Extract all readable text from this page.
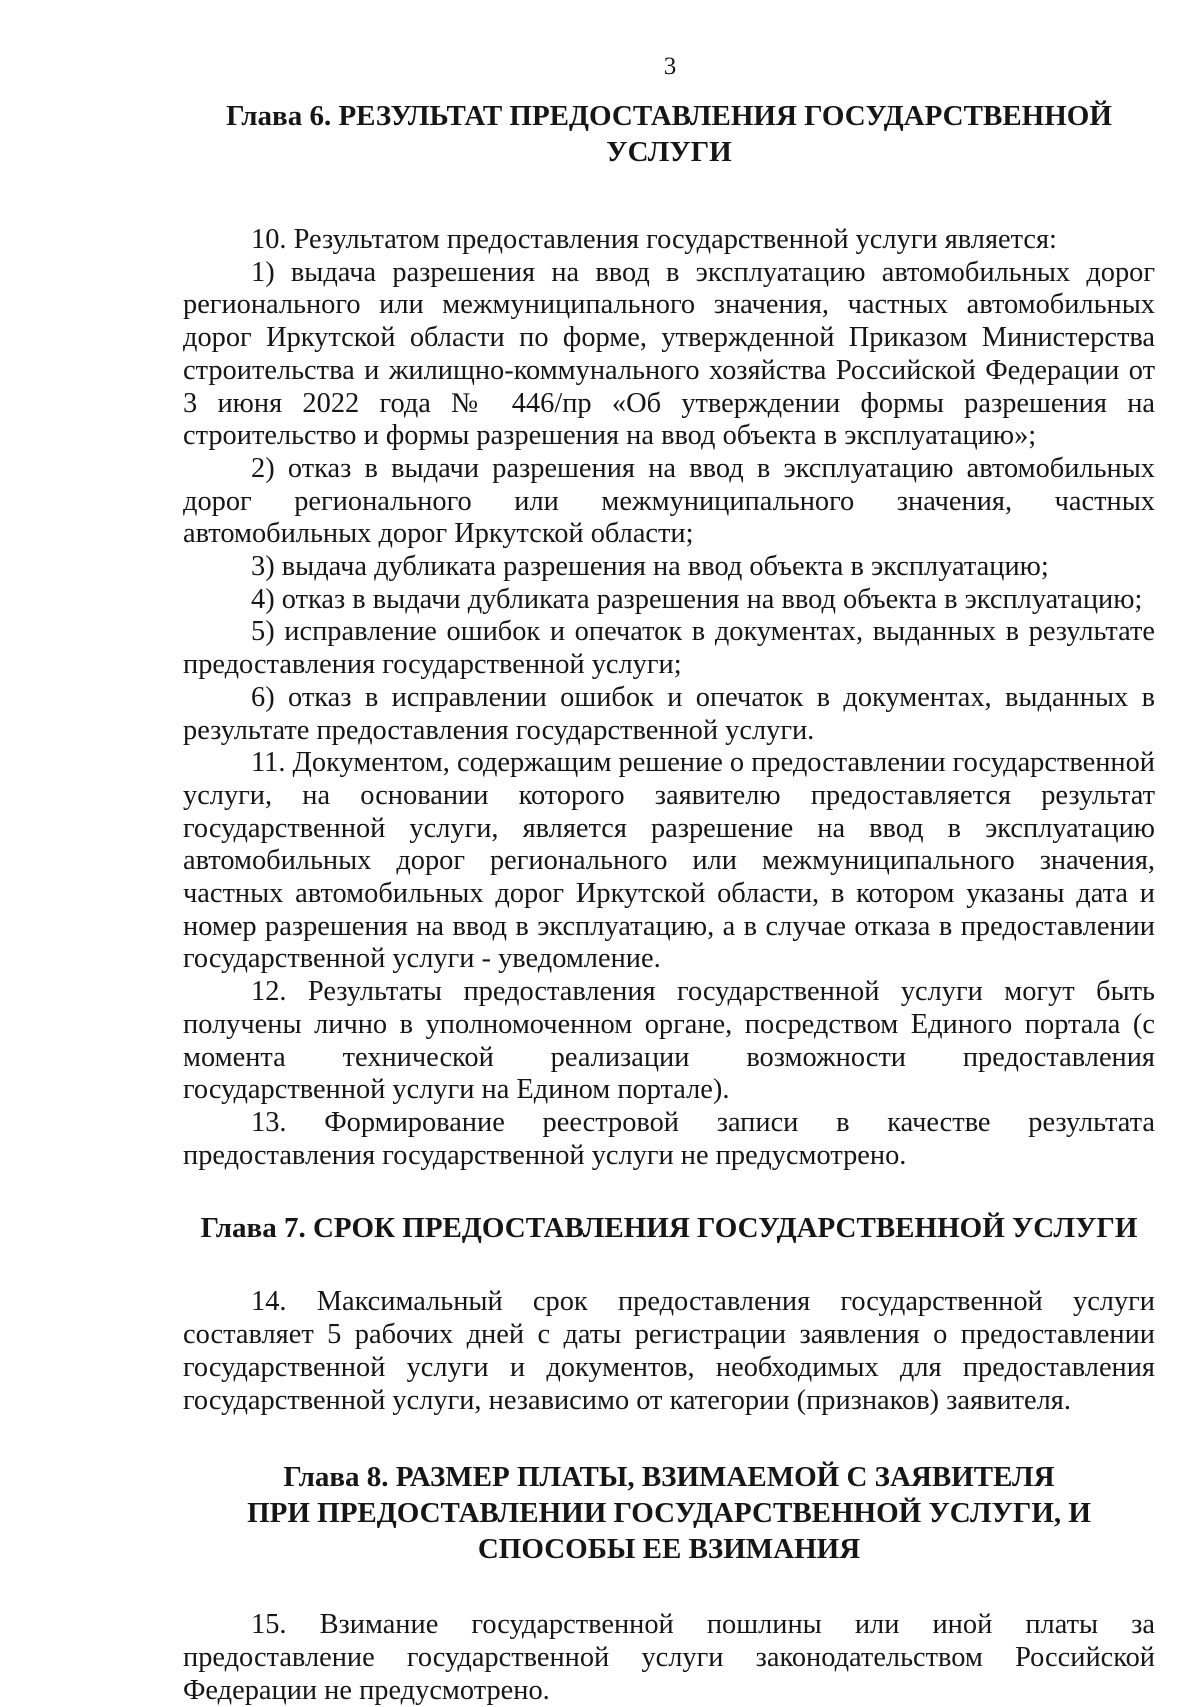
3
Глава 6. РЕЗУЛЬТАТ ПРЕДОСТАВЛЕНИЯ ГОСУДАРСТВЕННОЙ
УСЛУГИ

10. Результатом предоставления государственной услуги является:

1) выдача разрешения на ввод в эксплуатацию автомобильных дорог регионального или межмуниципального значения, частных автомобильных дорог Иркутской области по форме, утвержденной Приказом Министерства строительства и жилищно-коммунального хозяйства Российской Федерации от 3 июня 2022 года № 446/пр «Об утверждении формы разрешения на строительство и формы разрешения на ввод объекта в эксплуатацию»;

2) отказ в выдачи разрешения на ввод в эксплуатацию автомобильных дорог регионального или межмуниципального значения, частных автомобильных дорог Иркутской области;

3) выдача дубликата разрешения на ввод объекта в эксплуатацию;

4) отказ в выдачи дубликата разрешения на ввод объекта в эксплуатацию;

5) исправление ошибок и опечаток в документах, выданных в результате предоставления государственной услуги;

6) отказ в исправлении ошибок и опечаток в документах, выданных в результате предоставления государственной услуги.

11. Документом, содержащим решение о предоставлении государственной услуги, на основании которого заявителю предоставляется результат государственной услуги, является разрешение на ввод в эксплуатацию автомобильных дорог регионального или межмуниципального значения, частных автомобильных дорог Иркутской области, в котором указаны дата и номер разрешения на ввод в эксплуатацию, а в случае отказа в предоставлении государственной услуги - уведомление.

12. Результаты предоставления государственной услуги могут быть получены лично в уполномоченном органе, посредством Единого портала (с момента технической реализации возможности предоставления государственной услуги на Едином портале).

13. Формирование реестровой записи в качестве результата предоставления государственной услуги не предусмотрено.

Глава 7. СРОК ПРЕДОСТАВЛЕНИЯ ГОСУДАРСТВЕННОЙ УСЛУГИ

14. Максимальный срок предоставления государственной услуги составляет 5 рабочих дней с даты регистрации заявления о предоставлении государственной услуги и документов, необходимых для предоставления государственной услуги, независимо от категории (признаков) заявителя.

Глава 8. РАЗМЕР ПЛАТЫ, ВЗИМАЕМОЙ С ЗАЯВИТЕЛЯ
ПРИ ПРЕДОСТАВЛЕНИИ ГОСУДАРСТВЕННОЙ УСЛУГИ, И
СПОСОБЫ ЕЕ ВЗИМАНИЯ

15. Взимание государственной пошлины или иной платы за предоставление государственной услуги законодательством Российской Федерации не предусмотрено.
